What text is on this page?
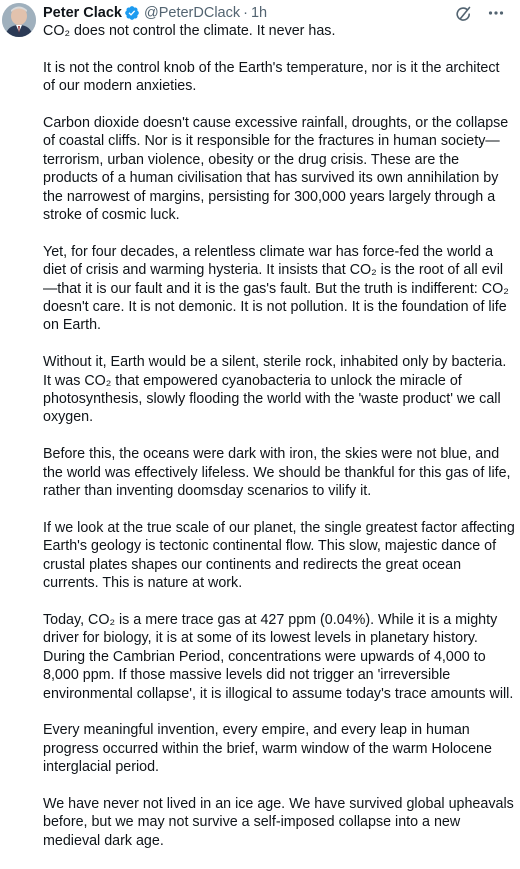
Peter Clack @PeterDClack · 1h

CO₂ does not control the climate. It never has.

It is not the control knob of the Earth's temperature, nor is it the architect of our modern anxieties.

Carbon dioxide doesn't cause excessive rainfall, droughts, or the collapse of coastal cliffs. Nor is it responsible for the fractures in human society—terrorism, urban violence, obesity or the drug crisis. These are the products of a human civilisation that has survived its own annihilation by the narrowest of margins, persisting for 300,000 years largely through a stroke of cosmic luck.

Yet, for four decades, a relentless climate war has force-fed the world a diet of crisis and warming hysteria. It insists that CO₂ is the root of all evil—that it is our fault and it is the gas's fault. But the truth is indifferent: CO₂ doesn't care. It is not demonic. It is not pollution. It is the foundation of life on Earth.

Without it, Earth would be a silent, sterile rock, inhabited only by bacteria. It was CO₂ that empowered cyanobacteria to unlock the miracle of photosynthesis, slowly flooding the world with the 'waste product' we call oxygen.

Before this, the oceans were dark with iron, the skies were not blue, and the world was effectively lifeless. We should be thankful for this gas of life, rather than inventing doomsday scenarios to vilify it.

If we look at the true scale of our planet, the single greatest factor affecting Earth's geology is tectonic continental flow. This slow, majestic dance of crustal plates shapes our continents and redirects the great ocean currents. This is nature at work.

Today, CO₂ is a mere trace gas at 427 ppm (0.04%). While it is a mighty driver for biology, it is at some of its lowest levels in planetary history. During the Cambrian Period, concentrations were upwards of 4,000 to 8,000 ppm. If those massive levels did not trigger an 'irreversible environmental collapse', it is illogical to assume today's trace amounts will.

Every meaningful invention, every empire, and every leap in human progress occurred within the brief, warm window of the warm Holocene interglacial period.

We have never not lived in an ice age. We have survived global upheavals before, but we may not survive a self-imposed collapse into a new medieval dark age.
